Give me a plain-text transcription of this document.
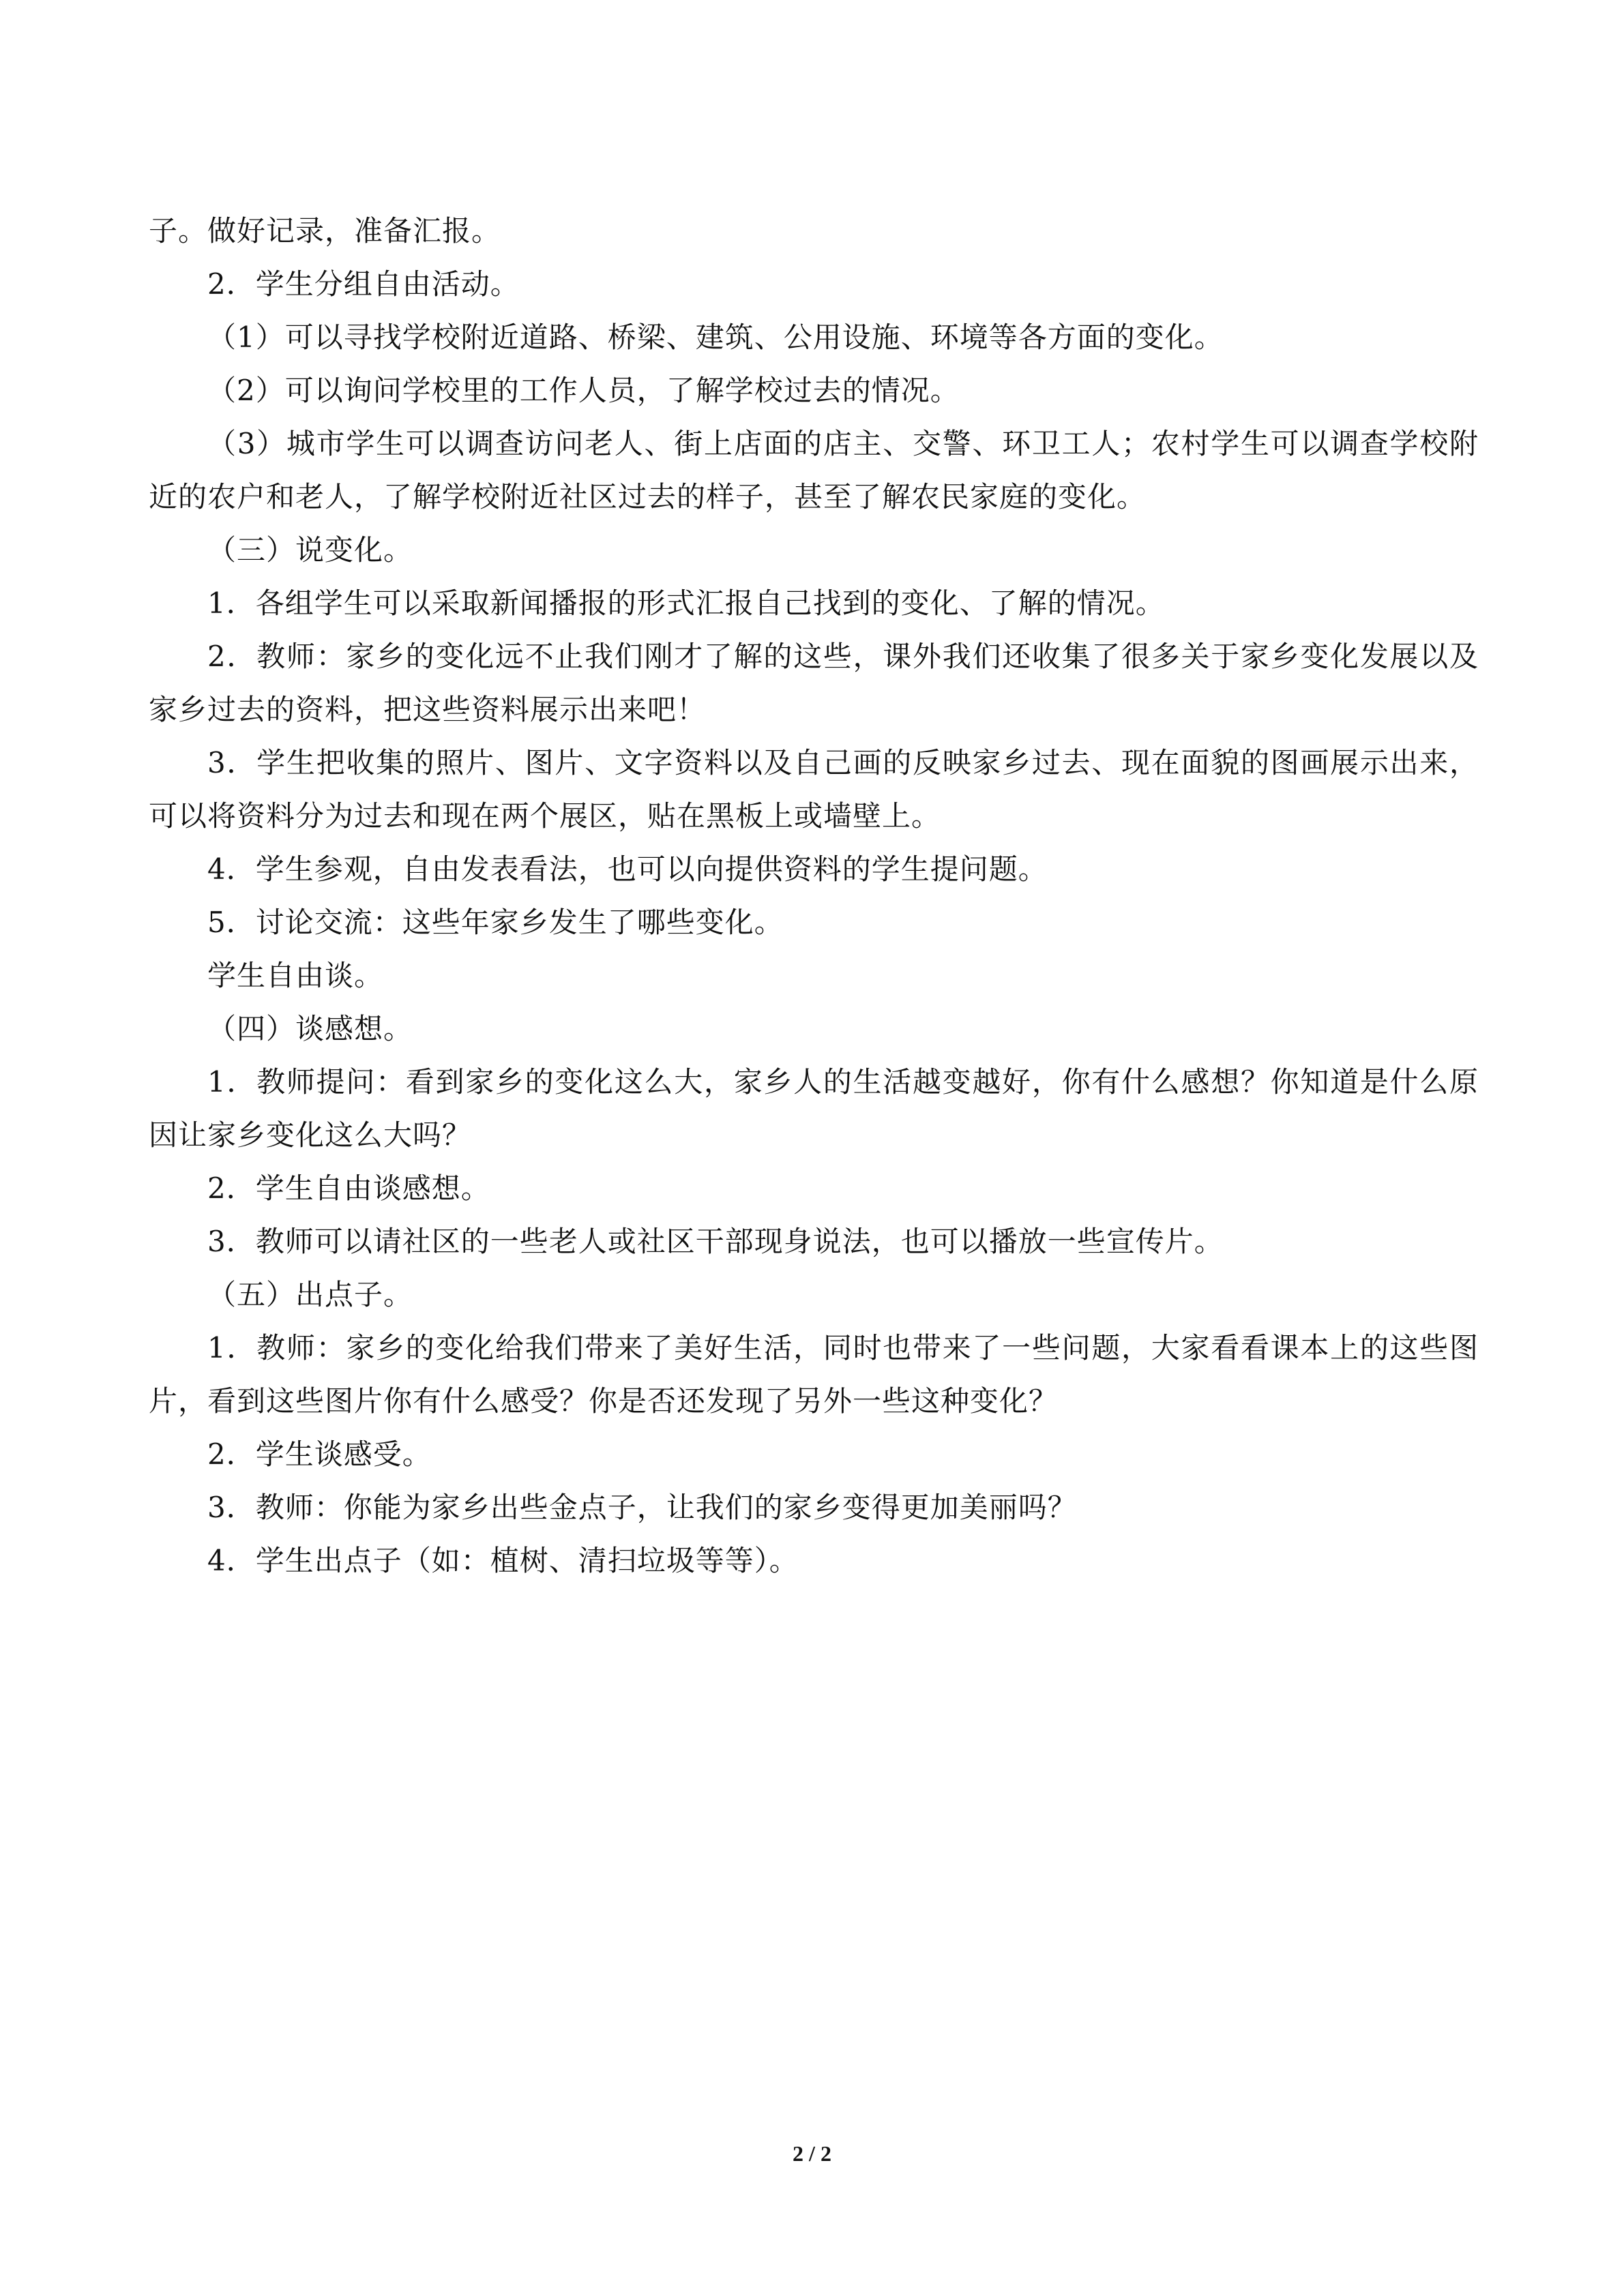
子。做好记录，准备汇报。

2．学生分组自由活动。

（1）可以寻找学校附近道路、桥梁、建筑、公用设施、环境等各方面的变化。

（2）可以询问学校里的工作人员，了解学校过去的情况。

（3）城市学生可以调查访问老人、街上店面的店主、交警、环卫工人；农村学生可以调查学校附近的农户和老人，了解学校附近社区过去的样子，甚至了解农民家庭的变化。

（三）说变化。

1．各组学生可以采取新闻播报的形式汇报自己找到的变化、了解的情况。

2．教师：家乡的变化远不止我们刚才了解的这些，课外我们还收集了很多关于家乡变化发展以及家乡过去的资料，把这些资料展示出来吧！

3．学生把收集的照片、图片、文字资料以及自己画的反映家乡过去、现在面貌的图画展示出来，可以将资料分为过去和现在两个展区，贴在黑板上或墙壁上。

4．学生参观，自由发表看法，也可以向提供资料的学生提问题。

5．讨论交流：这些年家乡发生了哪些变化。

学生自由谈。

（四）谈感想。

1．教师提问：看到家乡的变化这么大，家乡人的生活越变越好，你有什么感想？你知道是什么原因让家乡变化这么大吗？

2．学生自由谈感想。

3．教师可以请社区的一些老人或社区干部现身说法，也可以播放一些宣传片。

（五）出点子。

1．教师：家乡的变化给我们带来了美好生活，同时也带来了一些问题，大家看看课本上的这些图片，看到这些图片你有什么感受？你是否还发现了另外一些这种变化？

2．学生谈感受。

3．教师：你能为家乡出些金点子，让我们的家乡变得更加美丽吗？

4．学生出点子（如：植树、清扫垃圾等等）。

2 / 2
